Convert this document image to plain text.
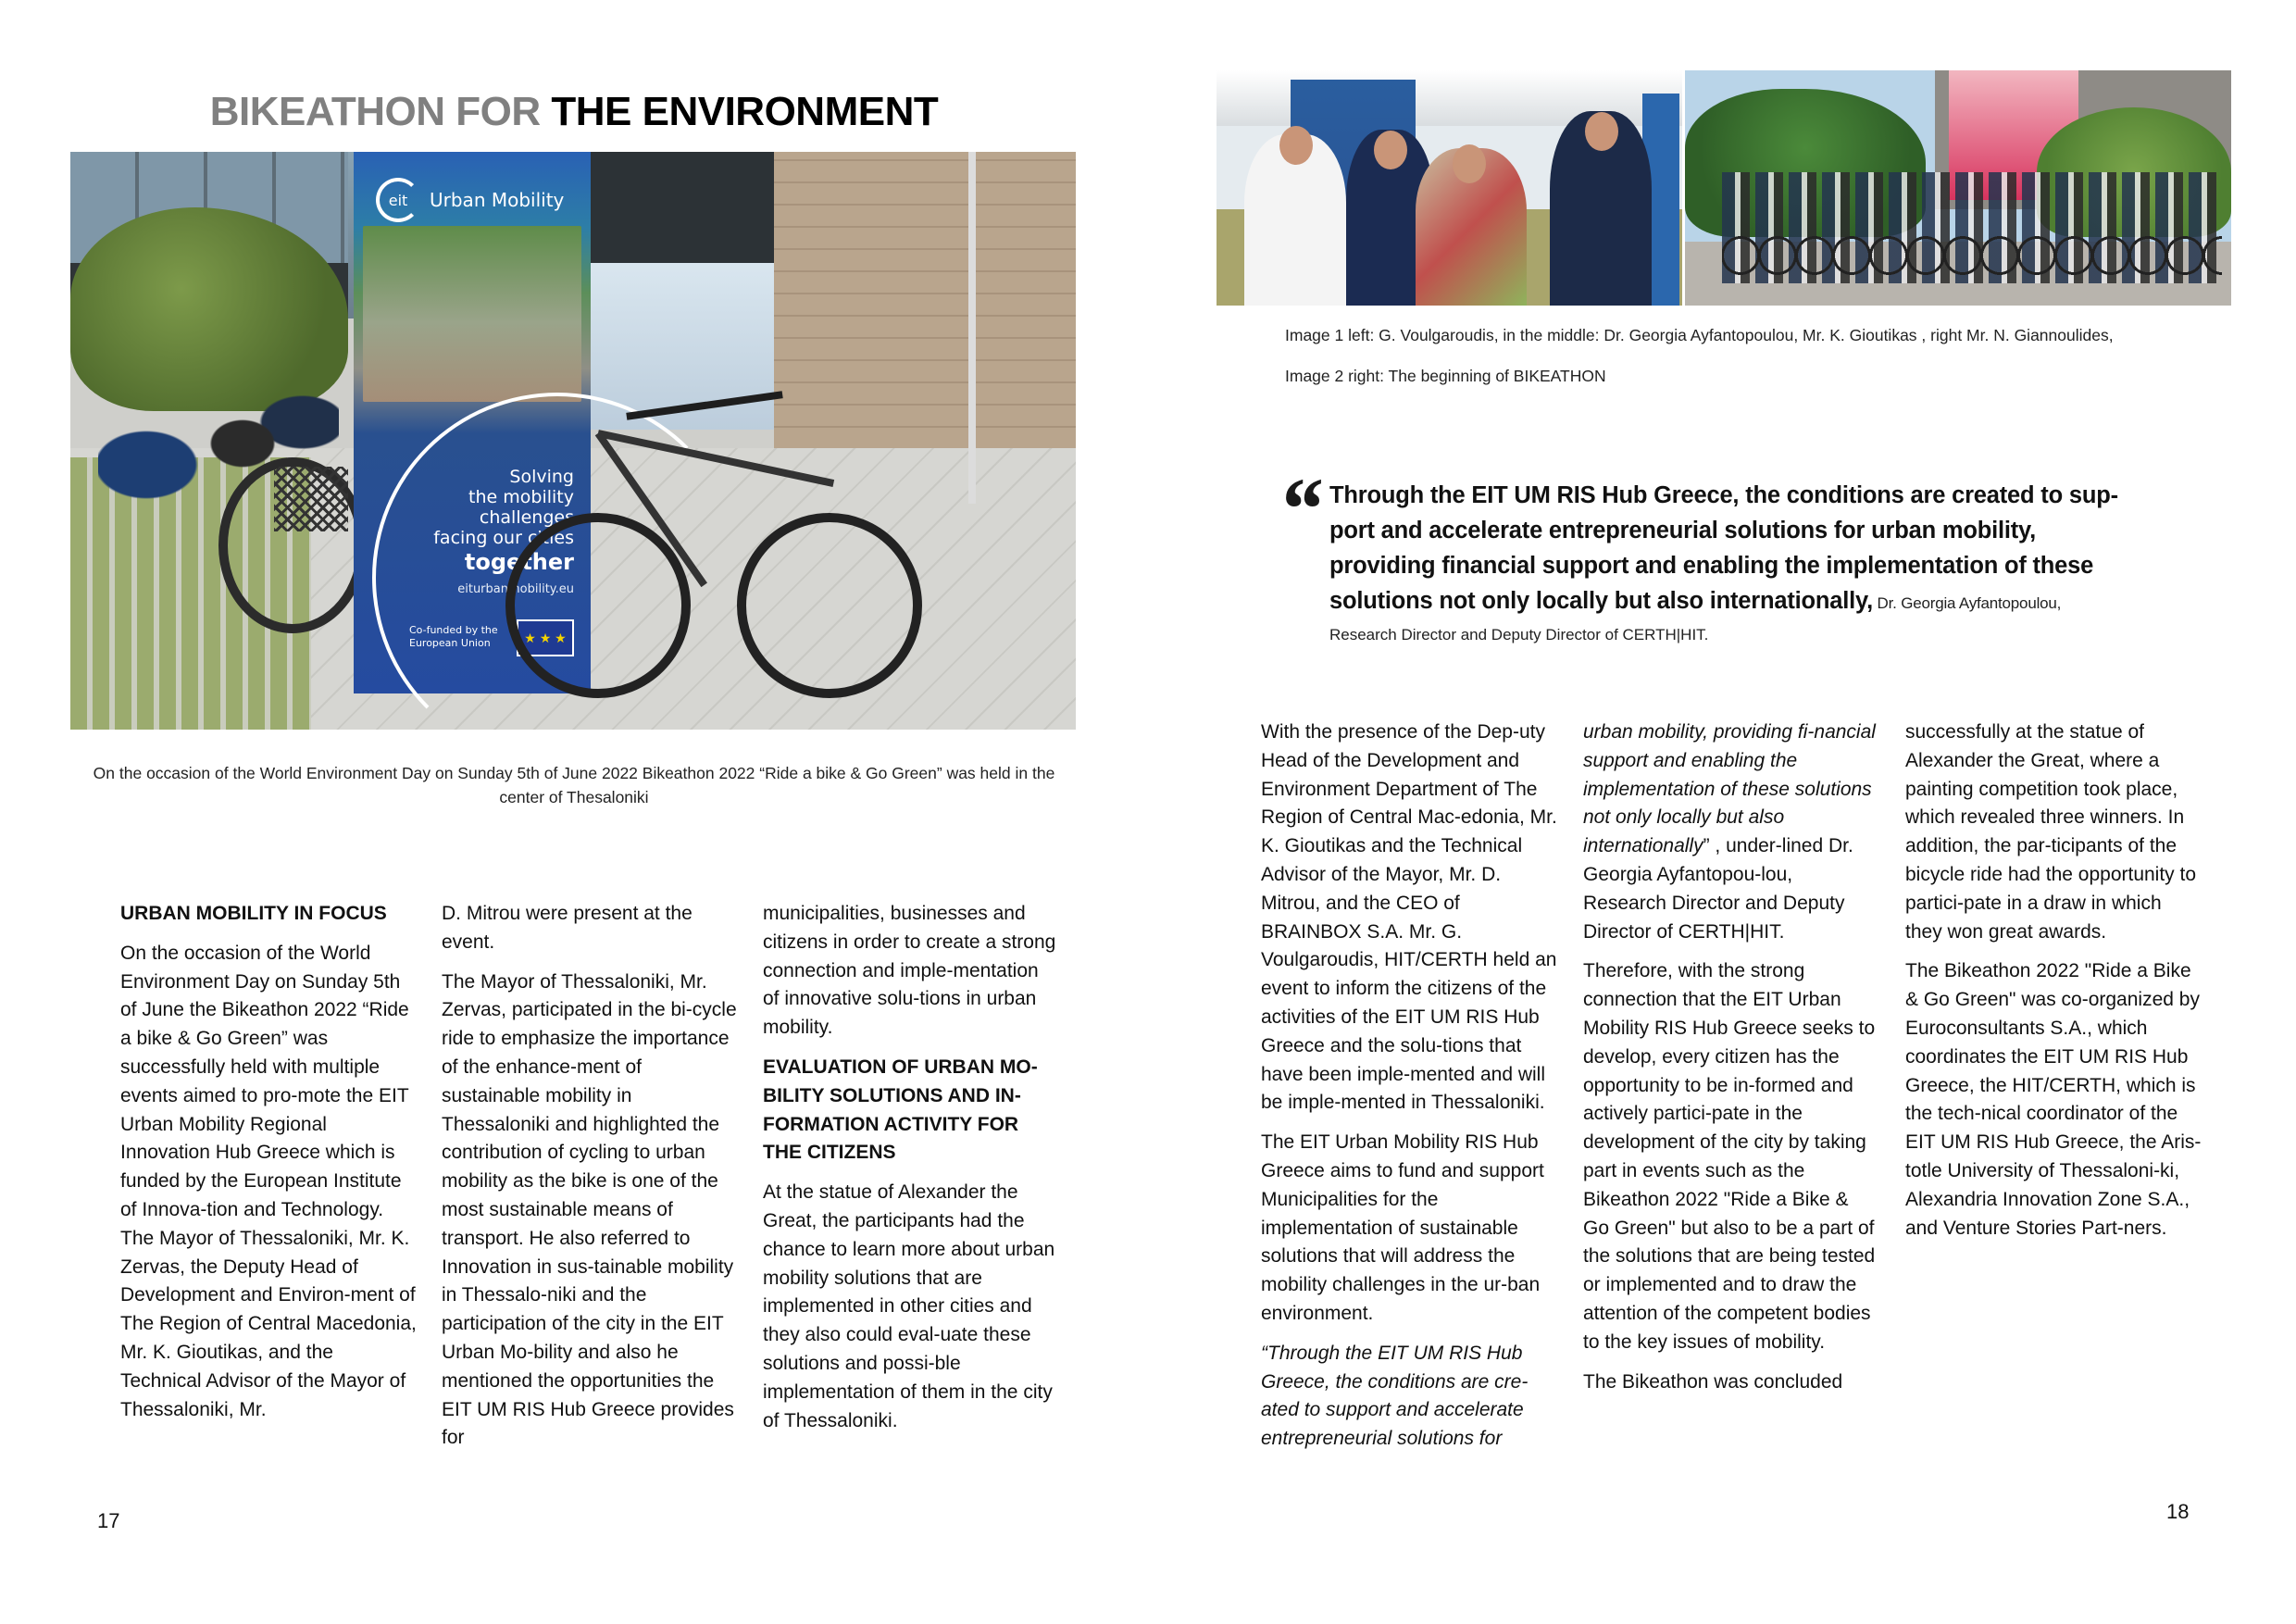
BIKEATHON FOR THE ENVIRONMENT
eit	Urban Mobility
Solving
the mobility
challenges
facing our cities
together
eiturbanmobility.eu
Co-funded by the
European Union	★ ★ ★
On the occasion of the World Environment Day on Sunday 5th of June 2022 Bikeathon 2022 “Ride a bike & Go Green” was held in the center of Thesaloniki

URBAN MOBILITY IN FOCUS

On the occasion of the World Environment Day on Sunday 5th of June the Bikeathon 2022 “Ride a bike & Go Green” was successfully held with multiple events aimed to pro-mote the EIT Urban Mobility Regional Innovation Hub Greece which is funded by the European Institute of Innova-tion and Technology. The Mayor of Thessaloniki, Mr. K. Zervas, the Deputy Head of Development and Environ-ment of The Region of Central Macedonia, Mr. K. Gioutikas, and the Technical Advisor of the Mayor of Thessaloniki, Mr.

D. Mitrou were present at the event.

The Mayor of Thessaloniki, Mr. Zervas, participated in the bi-cycle ride to emphasize the importance of the enhance-ment of sustainable mobility in Thessaloniki and highlighted the contribution of cycling to urban mobility as the bike is one of the most sustainable means of transport. He also referred to Innovation in sus-tainable mobility in Thessalo-niki and the participation of the city in the EIT Urban Mo-bility and also he mentioned the opportunities the EIT UM RIS Hub Greece provides for

municipalities, businesses and citizens in order to create a strong connection and imple-mentation of innovative solu-tions in urban mobility.

EVALUATION OF URBAN MO-BILITY SOLUTIONS AND IN-FORMATION ACTIVITY FOR THE CITIZENS

At the statue of Alexander the Great, the participants had the chance to learn more about urban mobility solutions that are implemented in other cities and they also could eval-uate these solutions and possi-ble implementation of them in the city of Thessaloniki.

17
Image 1 left: G. Voulgaroudis, in the middle: Dr. Georgia Ayfantopoulou, Mr. K. Gioutikas , right Mr. N. Giannoulides,
Image 2 right: The beginning of BIKEATHON
“ Through the EIT UM RIS Hub Greece, the conditions are created to sup-port and accelerate entrepreneurial solutions for urban mobility, providing financial support and enabling the implementation of these solutions not only locally but also internationally, Dr. Georgia Ayfantopoulou,

Research Director and Deputy Director of CERTH|HIT.

With the presence of the Dep-uty Head of the Development and Environment Department of The Region of Central Mac-edonia, Mr. K. Gioutikas and the Technical Advisor of the Mayor, Mr. D. Mitrou, and the CEO of BRAINBOX S.A. Mr. G. Voulgaroudis, HIT/CERTH held an event to inform the citizens of the activities of the EIT UM RIS Hub Greece and the solu-tions that have been imple-mented and will be imple-mented in Thessaloniki.

The EIT Urban Mobility RIS Hub Greece aims to fund and support Municipalities for the implementation of sustainable solutions that will address the mobility challenges in the ur-ban environment.

“Through the EIT UM RIS Hub Greece, the conditions are cre-ated to support and accelerate entrepreneurial solutions for

urban mobility, providing fi-nancial support and enabling the implementation of these solutions not only locally but also internationally” , under-lined Dr. Georgia Ayfantopou-lou, Research Director and Deputy Director of CERTH|HIT.

Therefore, with the strong connection that the EIT Urban Mobility RIS Hub Greece seeks to develop, every citizen has the opportunity to be in-formed and actively partici-pate in the development of the city by taking part in events such as the Bikeathon 2022 "Ride a Bike & Go Green" but also to be a part of the solutions that are being tested or implemented and to draw the attention of the competent bodies to the key issues of mobility.

The Bikeathon was concluded

successfully at the statue of Alexander the Great, where a painting competition took place, which revealed three winners. In addition, the par-ticipants of the bicycle ride had the opportunity to partici-pate in a draw in which they won great awards.

The Bikeathon 2022 "Ride a Bike & Go Green" was co-organized by Euroconsultants S.A., which coordinates the EIT UM RIS Hub Greece, the HIT/CERTH, which is the tech-nical coordinator of the EIT UM RIS Hub Greece, the Aris-totle University of Thessaloni-ki, Alexandria Innovation Zone S.A., and Venture Stories Part-ners.

18
